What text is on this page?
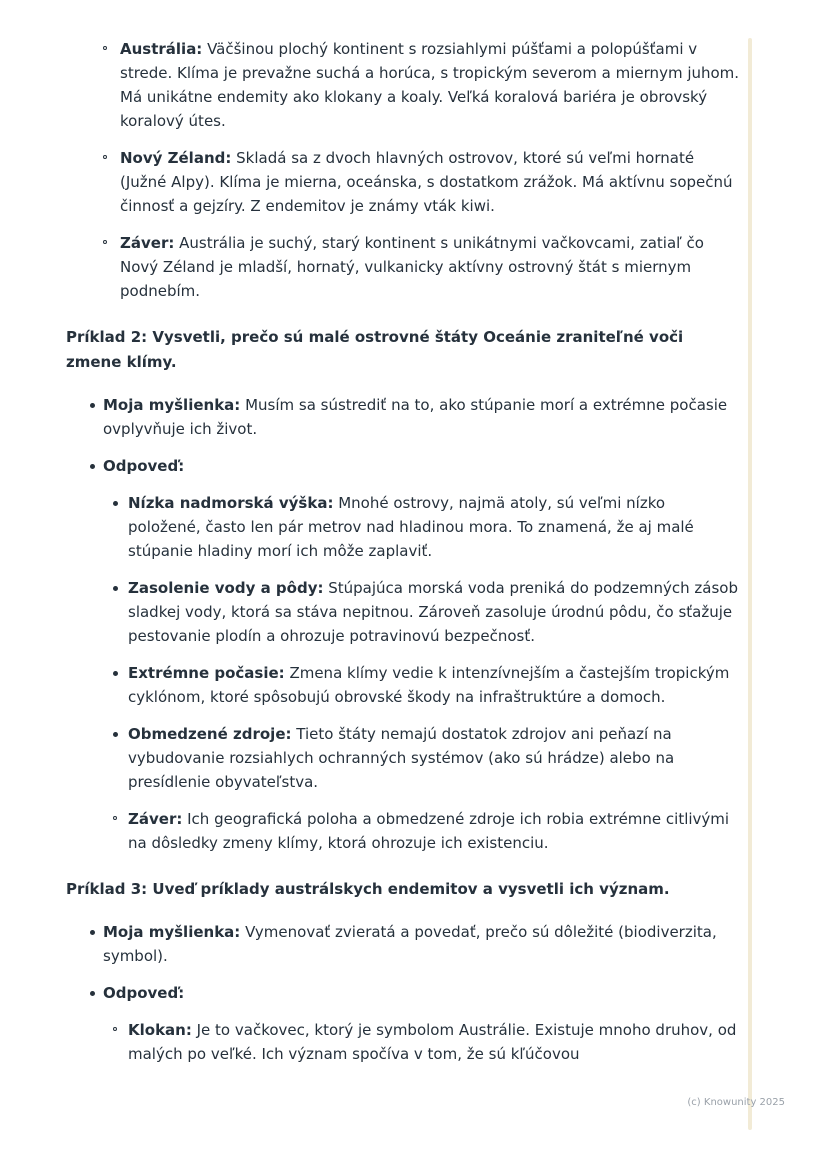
Austrália: Väčšinou plochý kontinent s rozsiahlymi púšťami a polopúšťami v strede. Klíma je prevažne suchá a horúca, s tropickým severom a miernym juhom. Má unikátne endemity ako klokany a koaly. Veľká koralová bariéra je obrovský koralový útes.
Nový Zéland: Skladá sa z dvoch hlavných ostrovov, ktoré sú veľmi hornaté (Južné Alpy). Klíma je mierna, oceánska, s dostatkom zrážok. Má aktívnu sopečnú činnosť a gejzíry. Z endemitov je známy vták kiwi.
Záver: Austrália je suchý, starý kontinent s unikátnymi vačkovcami, zatiaľ čo Nový Zéland je mladší, hornatý, vulkanicky aktívny ostrovný štát s miernym podnebím.

Príklad 2: Vysvetli, prečo sú malé ostrovné štáty Oceánie zraniteľné voči zmene klímy.

Moja myšlienka: Musím sa sústrediť na to, ako stúpanie morí a extrémne počasie ovplyvňuje ich život.
Odpoveď:
Nízka nadmorská výška: Mnohé ostrovy, najmä atoly, sú veľmi nízko položené, často len pár metrov nad hladinou mora. To znamená, že aj malé stúpanie hladiny morí ich môže zaplaviť.
Zasolenie vody a pôdy: Stúpajúca morská voda preniká do podzemných zásob sladkej vody, ktorá sa stáva nepitnou. Zároveň zasoluje úrodnú pôdu, čo sťažuje pestovanie plodín a ohrozuje potravinovú bezpečnosť.
Extrémne počasie: Zmena klímy vedie k intenzívnejším a častejším tropickým cyklónom, ktoré spôsobujú obrovské škody na infraštruktúre a domoch.
Obmedzené zdroje: Tieto štáty nemajú dostatok zdrojov ani peňazí na vybudovanie rozsiahlych ochranných systémov (ako sú hrádze) alebo na presídlenie obyvateľstva.
Záver: Ich geografická poloha a obmedzené zdroje ich robia extrémne citlivými na dôsledky zmeny klímy, ktorá ohrozuje ich existenciu.

Príklad 3: Uveď príklady austrálskych endemitov a vysvetli ich význam.

Moja myšlienka: Vymenovať zvieratá a povedať, prečo sú dôležité (biodiverzita, symbol).
Odpoveď:
Klokan: Je to vačkovec, ktorý je symbolom Austrálie. Existuje mnoho druhov, od malých po veľké. Ich význam spočíva v tom, že sú kľúčovou
(c) Knowunity 2025
